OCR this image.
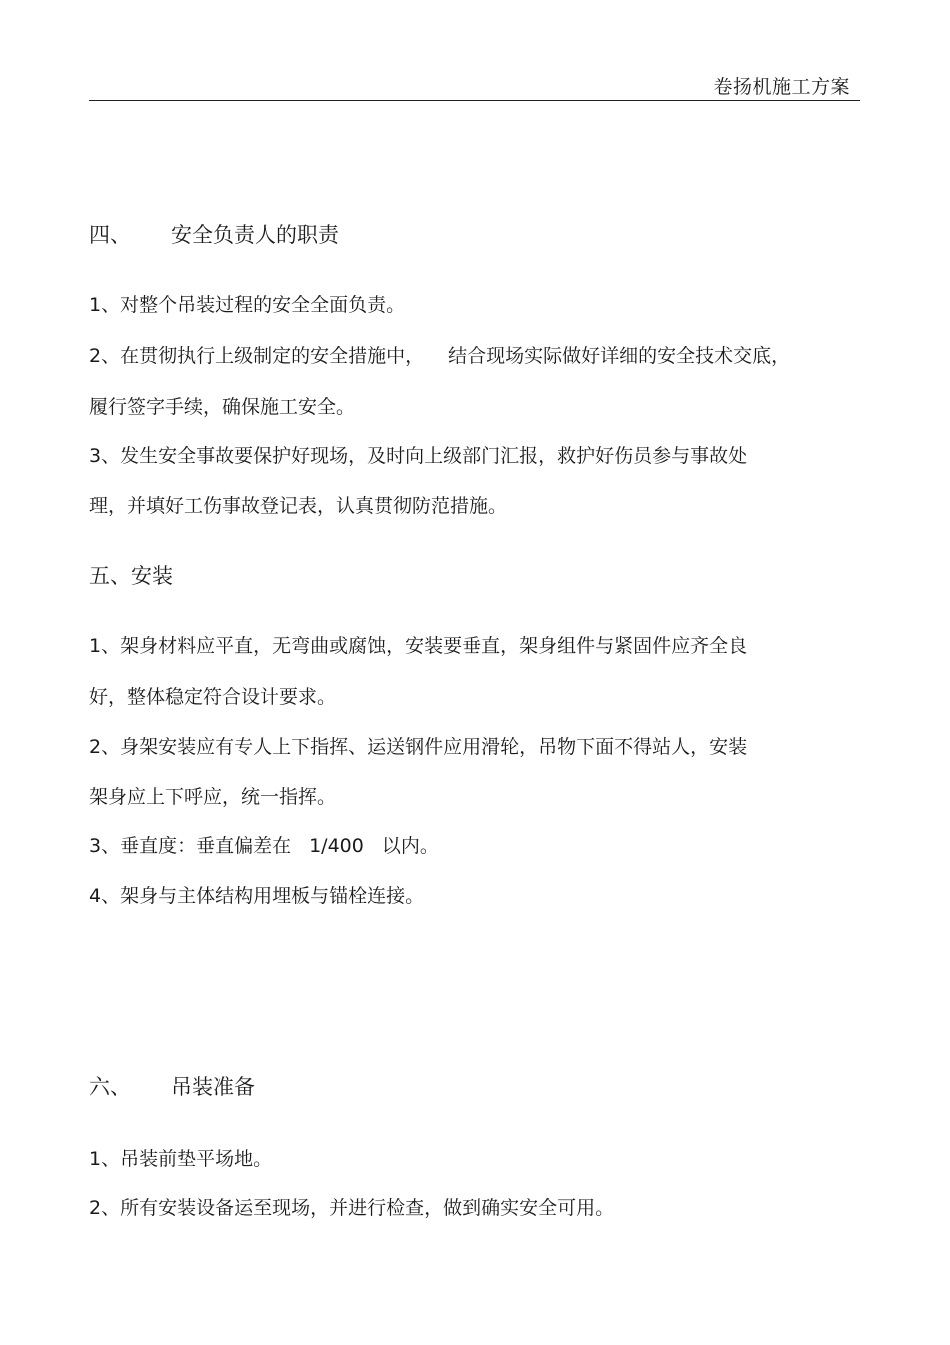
卷扬机施工方案
四、 安全负责人的职责
1、对整个吊装过程的安全全面负责。
2、在贯彻执行上级制定的安全措施中， 结合现场实际做好详细的安全技术交底，
履行签字手续，确保施工安全。
3、发生安全事故要保护好现场，及时向上级部门汇报，救护好伤员参与事故处
理，并填好工伤事故登记表，认真贯彻防范措施。
五、安装
1、架身材料应平直，无弯曲或腐蚀，安装要垂直，架身组件与紧固件应齐全良
好，整体稳定符合设计要求。
2、身架安装应有专人上下指挥、运送钢件应用滑轮，吊物下面不得站人，安装
架身应上下呼应，统一指挥。
3、垂直度：垂直偏差在 1/400 以内。
4、架身与主体结构用埋板与锚栓连接。
六、 吊装准备
1、吊装前垫平场地。
2、所有安装设备运至现场，并进行检查，做到确实安全可用。
